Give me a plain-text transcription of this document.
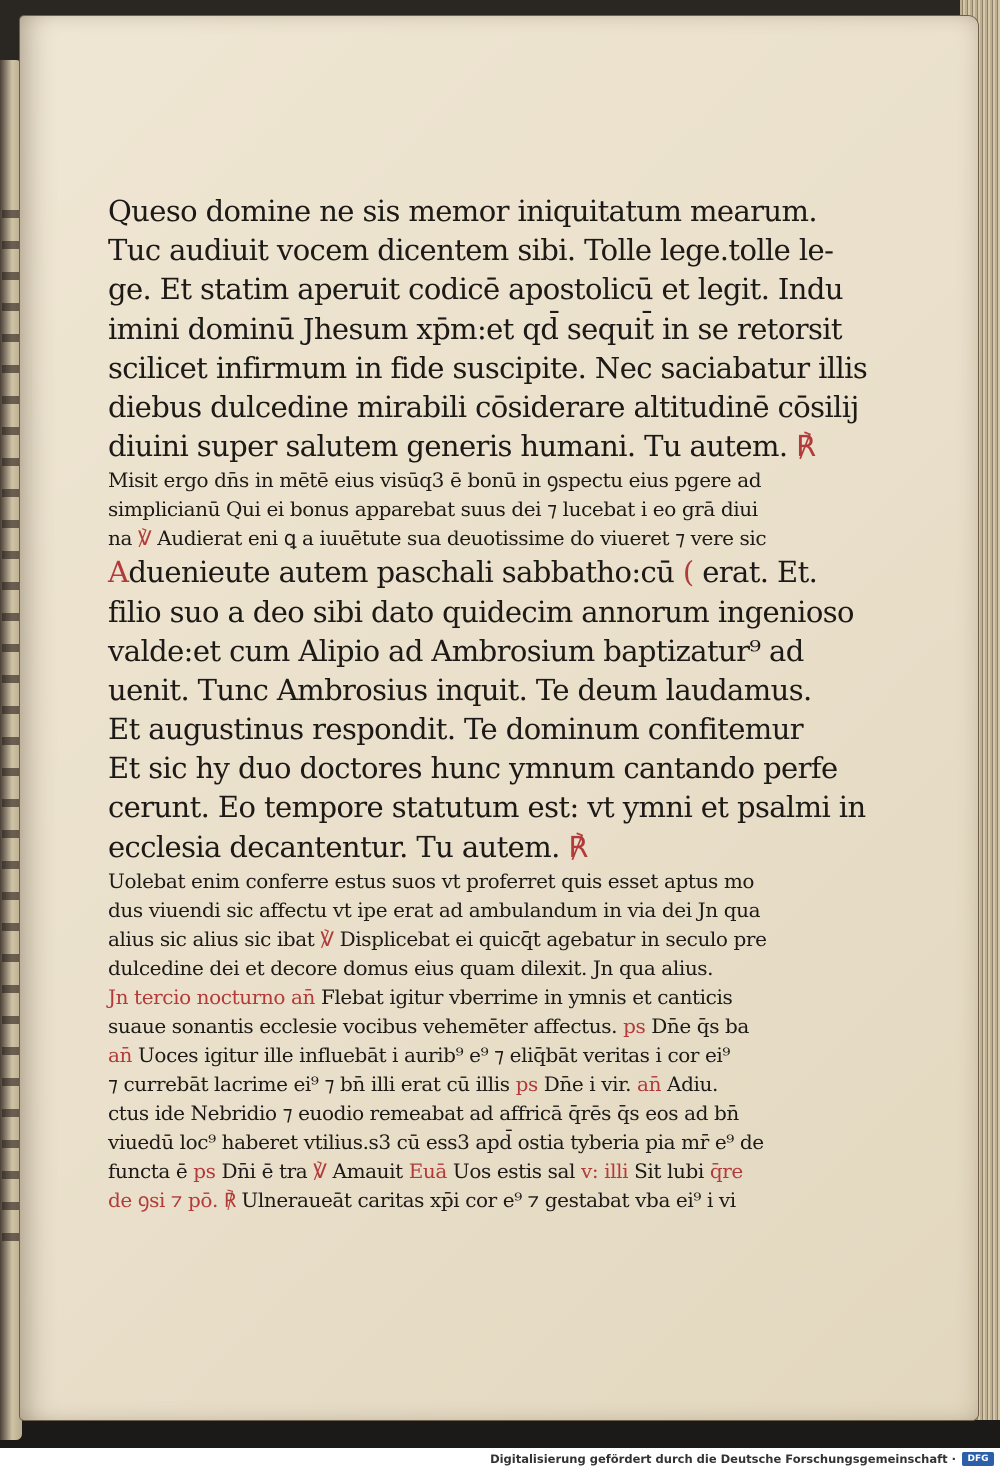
Queso domine ne sis memor iniquitatum mearum.
Tuc audiuit vocem dicentem sibi. Tolle lege.tolle le-
ge. Et statim aperuit codicē apostolicū et legit. Indu
imini dominū Jhesum xp̄m:et qd̄ sequit̄ in se retorsit
scilicet infirmum in fide suscipite. Nec saciabatur illis
diebus dulcedine mirabili cōsiderare altitudinē cōsilij
diuini super salutem generis humani. Tu autem. ℟
Misit ergo dn̄s in mētē eius visūq3 ē bonū in ꝯspectu eius pgere ad
simplicianū Qui ei bonus apparebat suus dei ⁊ lucebat i eo grā diui
na ℣ Audierat eni ꝗ a iuuētute sua deuotissime do viueret ⁊ vere sic
Aduenieute autem paschali sabbatho:cū ( erat. Et.
filio suo a deo sibi dato quidecim annorum ingenioso
valde:et cum Alipio ad Ambrosium baptizatur⁹ ad
uenit. Tunc Ambrosius inquit. Te deum laudamus.
Et augustinus respondit. Te dominum confitemur
Et sic hy duo doctores hunc ymnum cantando perfe
cerunt. Eo tempore statutum est: vt ymni et psalmi in
ecclesia decantentur. Tu autem. ℟
Uolebat enim conferre estus suos vt proferret quis esset aptus mo
dus viuendi sic affectu vt ipe erat ad ambulandum in via dei Jn qua
alius sic alius sic ibat ℣ Displicebat ei quicq̄t agebatur in seculo pre
dulcedine dei et decore domus eius quam dilexit. Jn qua alius.
Jn tercio nocturno an̄ Flebat igitur vberrime in ymnis et canticis
suaue sonantis ecclesie vocibus vehemēter affectus. ps Dn̄e q̄s ba
an̄ Uoces igitur ille influebāt i aurib⁹ e⁹ ⁊ eliq̄bāt veritas i cor ei⁹
⁊ currebāt lacrime ei⁹ ⁊ bn̄ illi erat cū illis ps Dn̄e i vir. an̄ Adiu.
ctus ide Nebridio ⁊ euodio remeabat ad affricā q̄rēs q̄s eos ad bn̄
viuedū loc⁹ haberet vtilius.s3 cū ess3 apd̄ ostia tyberia pia mr̄ e⁹ de
functa ē ps Dn̄i ē tra ℣ Amauit Euā Uos estis sal v: illi Sit lubi q̄re
de ꝯsi ⁊ pō. ℟ Ulneraueāt caritas xp̄i cor e⁹ ⁊ gestabat vba ei⁹ i vi
Digitalisierung gefördert durch die Deutsche Forschungsgemeinschaft ·	DFG
